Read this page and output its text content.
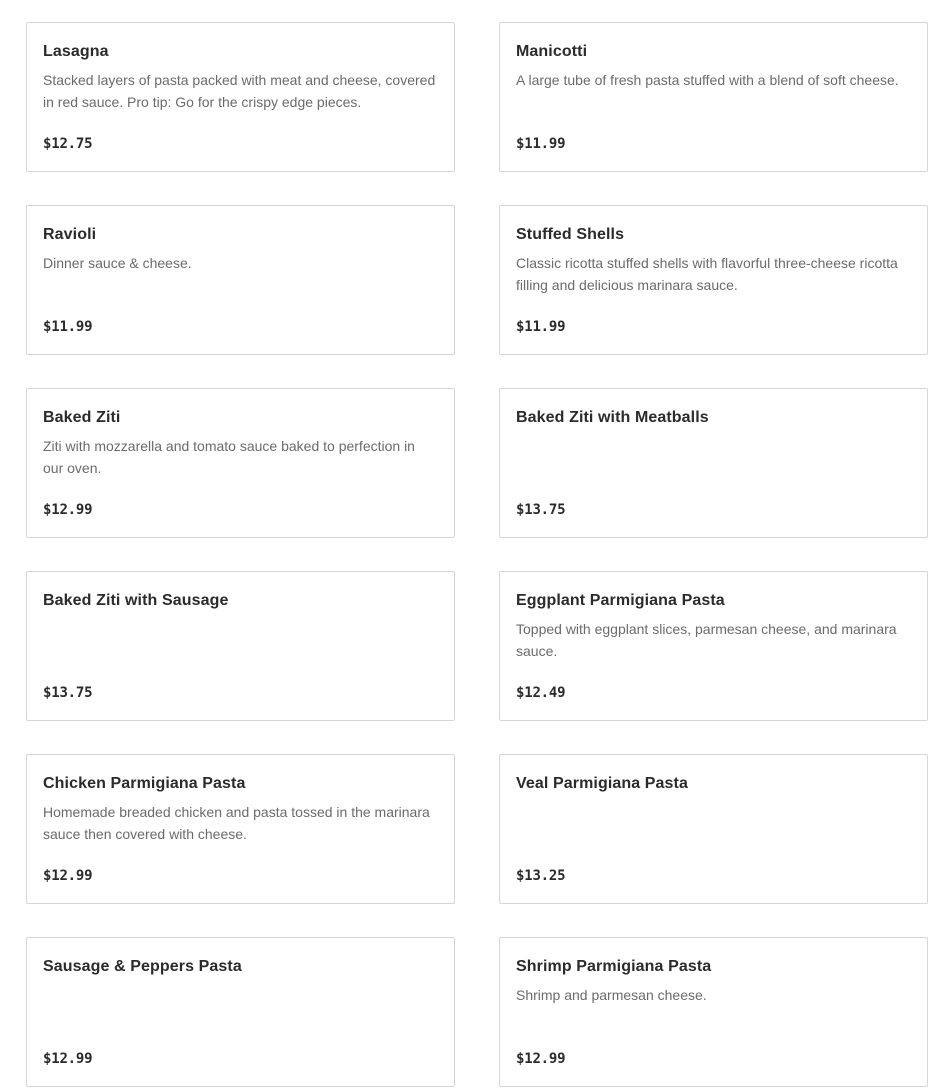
Lasagna
Stacked layers of pasta packed with meat and cheese, covered in red sauce. Pro tip: Go for the crispy edge pieces.
$12.75
Manicotti
A large tube of fresh pasta stuffed with a blend of soft cheese.
$11.99
Ravioli
Dinner sauce & cheese.
$11.99
Stuffed Shells
Classic ricotta stuffed shells with flavorful three-cheese ricotta filling and delicious marinara sauce.
$11.99
Baked Ziti
Ziti with mozzarella and tomato sauce baked to perfection in our oven.
$12.99
Baked Ziti with Meatballs
$13.75
Baked Ziti with Sausage
$13.75
Eggplant Parmigiana Pasta
Topped with eggplant slices, parmesan cheese, and marinara sauce.
$12.49
Chicken Parmigiana Pasta
Homemade breaded chicken and pasta tossed in the marinara sauce then covered with cheese.
$12.99
Veal Parmigiana Pasta
$13.25
Sausage & Peppers Pasta
$12.99
Shrimp Parmigiana Pasta
Shrimp and parmesan cheese.
$12.99
